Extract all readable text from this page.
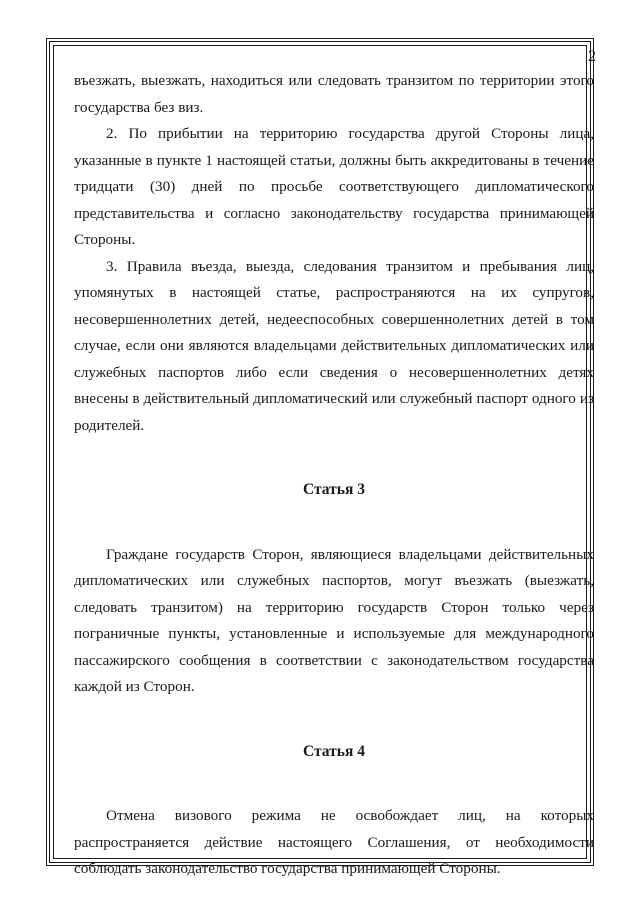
2

въезжать, выезжать, находиться или следовать транзитом по территории этого государства без виз.

2. По прибытии на территорию государства другой Стороны лица, указанные в пункте 1 настоящей статьи, должны быть аккредитованы в течение тридцати (30) дней по просьбе соответствующего дипломатического представительства и согласно законодательству государства принимающей Стороны.

3. Правила въезда, выезда, следования транзитом и пребывания лиц, упомянутых в настоящей статье, распространяются на их супругов, несовершеннолетних детей, недееспособных совершеннолетних детей в том случае, если они являются владельцами действительных дипломатических или служебных паспортов либо если сведения о несовершеннолетних детях внесены в действительный дипломатический или служебный паспорт одного из родителей.

Статья 3

Граждане государств Сторон, являющиеся владельцами действительных дипломатических или служебных паспортов, могут въезжать (выезжать, следовать транзитом) на территорию государств Сторон только через пограничные пункты, установленные и используемые для международного пассажирского сообщения в соответствии с законодательством государства каждой из Сторон.

Статья 4

Отмена визового режима не освобождает лиц, на которых распространяется действие настоящего Соглашения, от необходимости соблюдать законодательство государства принимающей Стороны.
